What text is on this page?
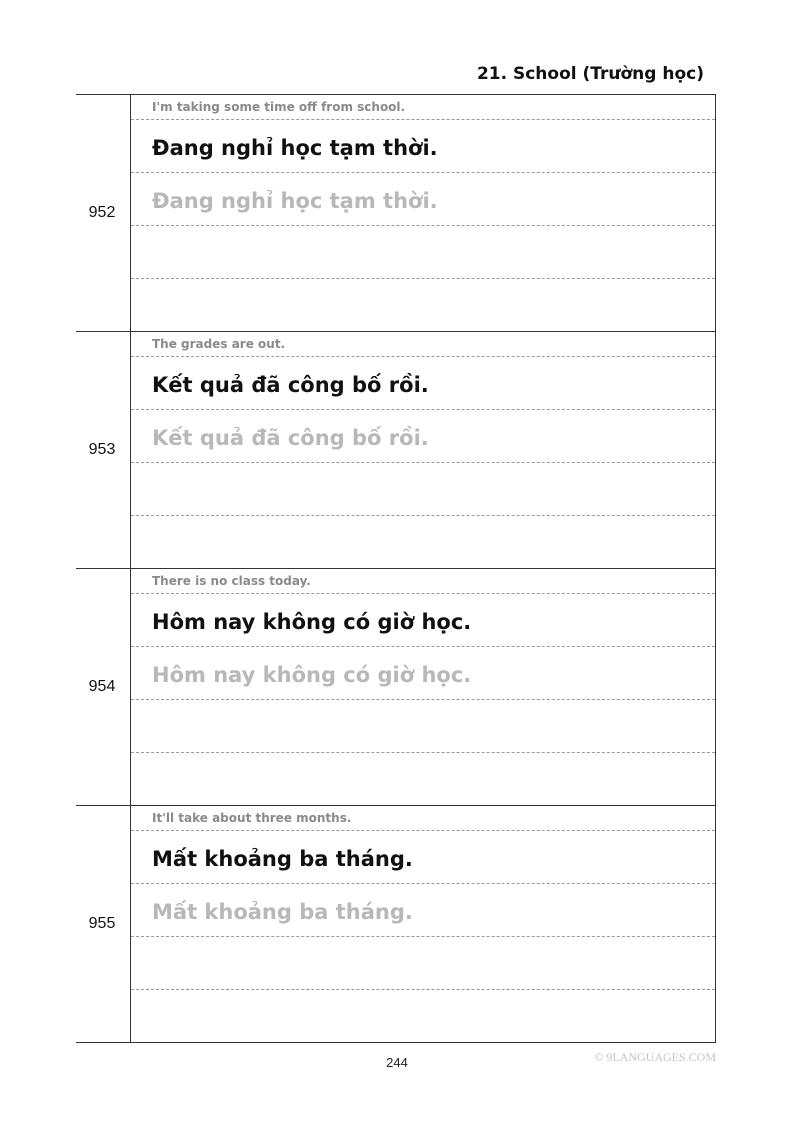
21. School (Trường học)
952
I'm taking some time off from school.
Đang nghỉ học tạm thời.
Đang nghỉ học tạm thời.
953
The grades are out.
Kết quả đã công bố rồi.
Kết quả đã công bố rồi.
954
There is no class today.
Hôm nay không có giờ học.
Hôm nay không có giờ học.
955
It'll take about three months.
Mất khoảng ba tháng.
Mất khoảng ba tháng.
244	© 9LANGUAGES.COM
